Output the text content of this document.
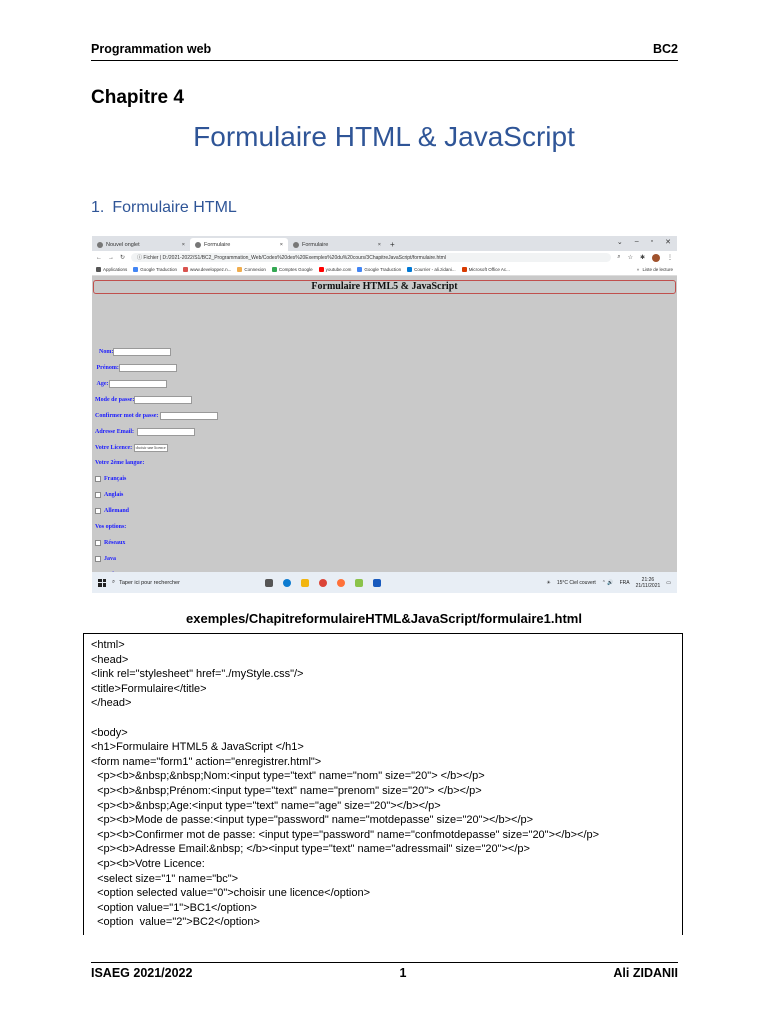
Programmation web	BC2
Chapitre 4
Formulaire HTML & JavaScript
1. Formulaire HTML
Nouvel onglet	×	Formulaire	×	Formulaire	×	+	⌄ – ▫ ✕
← → ↻ ⓘ Fichier | D:/2021-2022/S1/BC2_Programmation_Web/Codes%20des%20Exemples%20du%20cours/3ChapitreJavaScript/formulaire.html	⌕ ☆ ✱	⋮
Applications	Google Traduction	www.developpez.n...	Connexion	Comptes Google	youtube.com	Google Traduction	Courrier - ali.zidani...	Microsoft Office Ac...	» Liste de lecture
Formulaire HTML5 & JavaScript

Nom:

Prénom:

Age:
Mode de passe:
Confirmer mot de passe:

Adresse Email:

Votre Licence:
choisir une licence
Votre 2ème langue:
Français
Anglais
Allemand
Vos options:
Réseaux
Java
⌕ Taper ici pour rechercher	☀ 15°C Ciel couvert ⌃ 🔊 FRA	21:26
21/11/2021 ▭
exemples/ChapitreformulaireHTML&JavaScript/formulaire1.html
<html>
<head>
<link rel="stylesheet" href="./myStyle.css"/>
<title>Formulaire</title>
</head>
<body>
<h1>Formulaire HTML5 & JavaScript </h1>
<form name="form1" action="enregistrer.html">
<p><b>&nbsp;&nbsp;Nom:<input type="text" name="nom" size="20"> </b></p>
<p><b>&nbsp;Prénom:<input type="text" name="prenom" size="20"> </b></p>
<p><b>&nbsp;Age:<input type="text" name="age" size="20"></b></p>
<p><b>Mode de passe:<input type="password" name="motdepasse" size="20"></b></p>
<p><b>Confirmer mot de passe: <input type="password" name="confmotdepasse" size="20"></b></p>
<p><b>Adresse Email:&nbsp; </b><input type="text" name="adressmail" size="20"></p>
<p><b>Votre Licence:
<select size="1" name="bc">
<option selected value="0">choisir une licence</option>
<option value="1">BC1</option>
<option  value="2">BC2</option>
ISAEG 2021/2022	1	Ali ZIDANII
